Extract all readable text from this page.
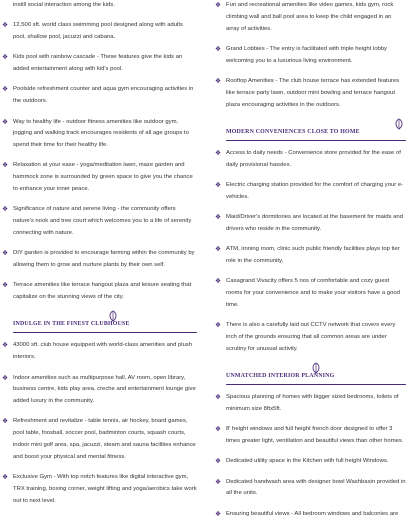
instill social interaction among the kids.

❖ 12,500 sft. world class swimming pool designed along with adults pool, shallow pool, jacuzzi and cabana.

❖ Kids pool with rainbow cascade - These features give the kids an added entertainment along with kid's pool.

❖ Poolside refreshment counter and aqua gym encouraging activities in the outdoors.

❖ Way to healthy life - outdoor fitness amenities like outdoor gym, jogging and walking track encourages residents of all age groups to spend their time for their healthy life.

❖ Relaxation at your ease - yoga/meditation lawn, maze garden and hammock zone is surrounded by green space to give you the chance to enhance your inner peace.

❖ Significance of nature and serene living - the community offers nature's nook and tree court which welcomes you to a life of serenity connecting with nature.

❖ DIY garden is provided to encourage farming within the community by allowing them to grow and nurture plants by their own self.

❖ Terrace amenities like terrace hangout plaza and leisure seating that capitalize on the stunning views of the city.

INDULGE IN THE FINEST CLUBHOUSE
❖ 43000 sft. club house equipped with world-class amenities and plush interiors.

❖ Indoor amenities such as multipurpose hall, AV room, open library, business centre, kids play area, creche and entertainment lounge give added luxury in the community.

❖ Refreshment and revitalize - table tennis, air hockey, board games, pool table, foosball, soccer pool, badminton courts, squash courts, indoor mini golf area, spa, jacuzzi, steam and sauna facilities enhance and boost your physical and mental fitness.

❖ Exclusive Gym - With top notch features like digital interactive gym, TRX training, boxing corner, weight lifting and yoga/aerobics take work out to next level.

❖ Fun and recreational amenities like video games, kids gym, rock climbing wall and ball pool area to keep the child engaged in an array of activities.

❖ Grand Lobbies - The entry is facilitated with triple height lobby welcoming you to a luxurious living environment.

❖ Rooftop Amenities - The club house terrace has extended features like terrace party lawn, outdoor mini bowling and terrace hangout plaza encouraging activities in the outdoors.

MODERN CONVENIENCES CLOSE TO HOME
❖ Access to daily needs - Convenience store provided for the ease of daily provisional hassles.

❖ Electric charging station provided for the comfort of charging your e-vehicles.

❖ Maid/Driver's dormitories are located at the basement for maids and drivers who reside in the community.

❖ ATM, ironing room, clinic such public friendly facilities plays top tier role in the community.

❖ Casagrand Vivacity offers 5 nos of comfortable and cozy guest rooms for your convenience and to make your visitors have a good time.

❖ There is also a carefully laid out CCTV network that covers every inch of the grounds ensuring that all common areas are under scrutiny for unusual activity.

UNMATCHED INTERIOR PLANNING
❖ Spacious planning of homes with bigger sized bedrooms, toilets of minimum size 8ftx5ft.

❖ 8' height windows and full height french door designed to offer 3 times greater light, ventilation and beautiful views than other homes.

❖ Dedicated utility space in the Kitchen with full height Windows.

❖ Dedicated handwash area with designer bowl Washbasin provided in all the units.

❖ Ensuring beautiful views - All bedroom windows and balconies are
